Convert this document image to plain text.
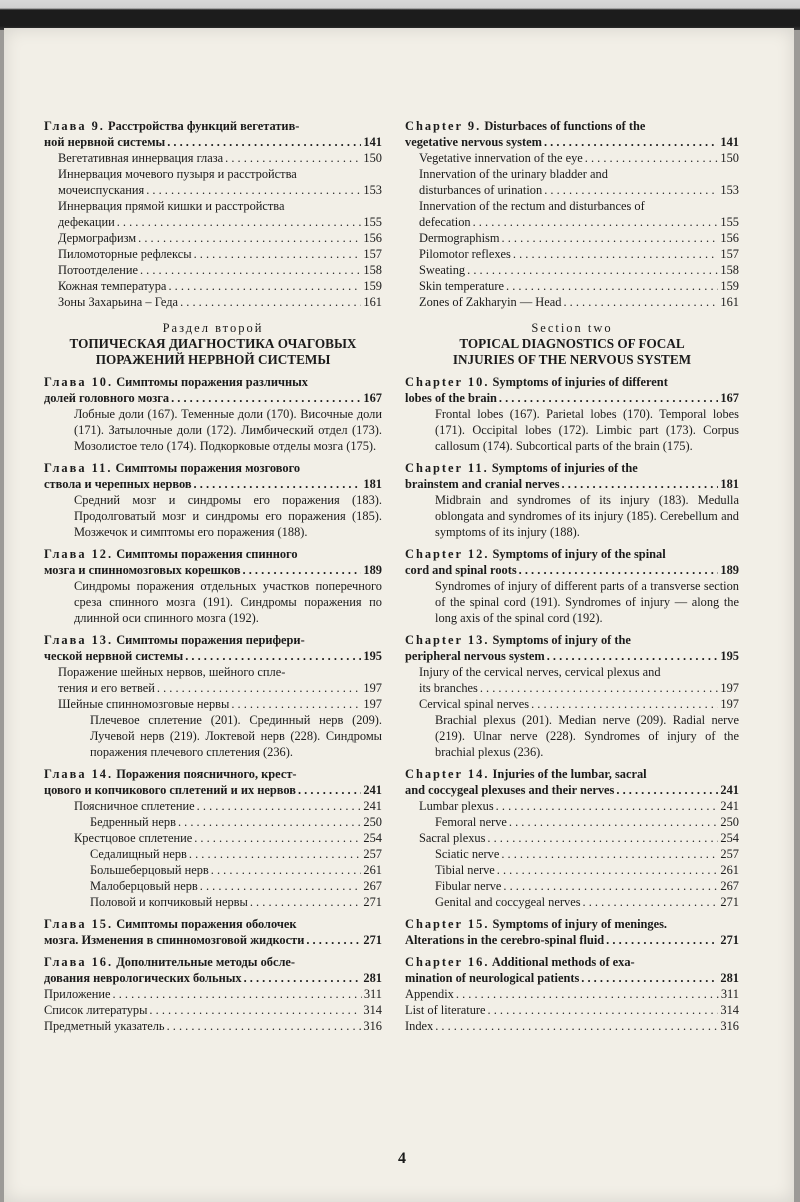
Глава 9. Расстройства функций вегетатив-
ной нервной системы . . .	141
Вегетативная иннервация глаза . . .	150
Иннервация мочевого пузыря и расстройства
мочеиспускания . . .	153
Иннервация прямой кишки и расстройства
дефекации . . .	155
Дермографизм . . .	156
Пиломоторные рефлексы . . .	157
Потоотделение . . .	158
Кожная температура . . .	159
Зоны Захарьина – Геда . . .	161
Раздел второй
ТОПИЧЕСКАЯ ДИАГНОСТИКА ОЧАГОВЫХ
ПОРАЖЕНИЙ НЕРВНОЙ СИСТЕМЫ
Глава 10. Симптомы поражения различных
долей головного мозга . . .	167
Лобные доли (167). Теменные доли (170). Височные доли (171). Затылочные доли (172). Лимбический отдел (173). Мозолистое тело (174). Подкорковые отделы мозга (175).
Глава 11. Симптомы поражения мозгового
ствола и черепных нервов . . .	181
Средний мозг и синдромы его поражения (183). Продолговатый мозг и синдромы его поражения (185). Мозжечок и симптомы его поражения (188).
Глава 12. Симптомы поражения спинного
мозга и спинномозговых корешков . . .	189
Синдромы поражения отдельных участков поперечного среза спинного мозга (191). Синдромы поражения по длинной оси спинного мозга (192).
Глава 13. Симптомы поражения перифери-
ческой нервной системы . . .	195
Поражение шейных нервов, шейного спле-
тения и его ветвей . . .	197
Шейные спинномозговые нервы . . .	197
Плечевое сплетение (201). Срединный нерв (209). Лучевой нерв (219). Локтевой нерв (228). Синдромы поражения плечевого сплетения (236).
Глава 14. Поражения поясничного, крест-
цового и копчикового сплетений и их нервов . . .	241
Поясничное сплетение . . .	241
Бедренный нерв . . .	250
Крестцовое сплетение . . .	254
Седалищный нерв . . .	257
Большеберцовый нерв . . .	261
Малоберцовый нерв . . .	267
Половой и копчиковый нервы . . .	271
Глава 15. Симптомы поражения оболочек
мозга. Изменения в спинномозговой жидкости . . .	271
Глава 16. Дополнительные методы обсле-
дования неврологических больных . . .	281
Приложение . . .	311
Список литературы . . .	314
Предметный указатель . . .	316
Chapter 9. Disturbaces of functions of the
vegetative nervous system . . .	141
Vegetative innervation of the eye . . .	150
Innervation of the urinary bladder and
disturbances of urination . . .	153
Innervation of the rectum and disturbances of
defecation . . .	155
Dermographism . . .	156
Pilomotor reflexes . . .	157
Sweating . . .	158
Skin temperature . . .	159
Zones of Zakharyin — Head . . .	161
Section two
TOPICAL DIAGNOSTICS OF FOCAL
INJURIES OF THE NERVOUS SYSTEM
Chapter 10. Symptoms of injuries of different
lobes of the brain . . .	167
Frontal lobes (167). Parietal lobes (170). Temporal lobes (171). Occipital lobes (172). Limbic part (173). Corpus callosum (174). Subcortical parts of the brain (175).
Chapter 11. Symptoms of injuries of the
brainstem and cranial nerves . . .	181
Midbrain and syndromes of its injury (183). Medulla oblongata and syndromes of its injury (185). Cerebellum and symptoms of its injury (188).
Chapter 12. Symptoms of injury of the spinal
cord and spinal roots . . .	189
Syndromes of injury of different parts of a transverse section of the spinal cord (191). Syndromes of injury — along the long axis of the spinal cord (192).
Chapter 13. Symptoms of injury of the
peripheral nervous system . . .	195
Injury of the cervical nerves, cervical plexus and
its branches . . .	197
Cervical spinal nerves . . .	197
Brachial plexus (201). Median nerve (209). Radial nerve (219). Ulnar nerve (228). Syndromes of injury of the brachial plexus (236).
Chapter 14. Injuries of the lumbar, sacral
and coccygeal plexuses and their nerves . . .	241
Lumbar plexus . . .	241
Femoral nerve . . .	250
Sacral plexus . . .	254
Sciatic nerve . . .	257
Tibial nerve . . .	261
Fibular nerve . . .	267
Genital and coccygeal nerves . . .	271
Chapter 15. Symptoms of injury of meninges.
Alterations in the cerebro-spinal fluid . . .	271
Chapter 16. Additional methods of exa-
mination of neurological patients . . .	281
Appendix . . .	311
List of literature . . .	314
Index . . .	316
4
